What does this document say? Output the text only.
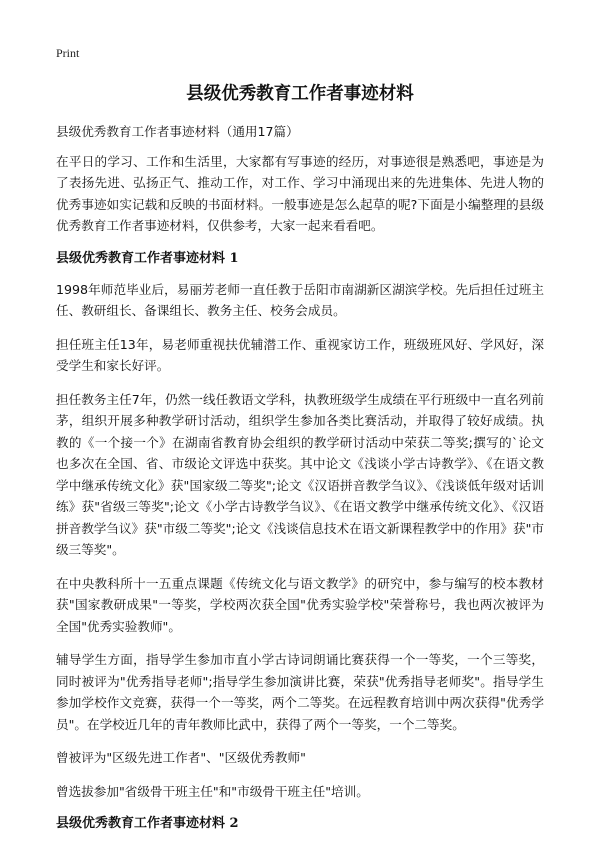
Print
县级优秀教育工作者事迹材料

县级优秀教育工作者事迹材料（通用17篇）

在平日的学习、工作和生活里，大家都有写事迹的经历，对事迹很是熟悉吧，事迹是为了表扬先进、弘扬正气、推动工作，对工作、学习中涌现出来的先进集体、先进人物的优秀事迹如实记载和反映的书面材料。一般事迹是怎么起草的呢?下面是小编整理的县级优秀教育工作者事迹材料，仅供参考，大家一起来看看吧。

县级优秀教育工作者事迹材料 1

1998年师范毕业后，易丽芳老师一直任教于岳阳市南湖新区湖滨学校。先后担任过班主任、教研组长、备课组长、教务主任、校务会成员。

担任班主任13年，易老师重视扶优辅潜工作、重视家访工作，班级班风好、学风好，深受学生和家长好评。

担任教务主任7年，仍然一线任教语文学科，执教班级学生成绩在平行班级中一直名列前茅，组织开展多种教学研讨活动，组织学生参加各类比赛活动，并取得了较好成绩。执教的《一个接一个》在湖南省教育协会组织的教学研讨活动中荣获二等奖;撰写的`论文也多次在全国、省、市级论文评选中获奖。其中论文《浅谈小学古诗教学》、《在语文教学中继承传统文化》获"国家级二等奖";论文《汉语拼音教学刍议》、《浅谈低年级对话训练》获"省级三等奖";论文《小学古诗教学刍议》、《在语文教学中继承传统文化》、《汉语拼音教学刍议》获"市级二等奖";论文《浅谈信息技术在语文新课程教学中的作用》获"市级三等奖"。

在中央教科所十一五重点课题《传统文化与语文教学》的研究中，参与编写的校本教材获"国家教研成果"一等奖，学校两次获全国"优秀实验学校"荣誉称号，我也两次被评为全国"优秀实验教师"。

辅导学生方面，指导学生参加市直小学古诗词朗诵比赛获得一个一等奖，一个三等奖，同时被评为"优秀指导老师";指导学生参加演讲比赛，荣获"优秀指导老师奖"。指导学生参加学校作文竞赛，获得一个一等奖，两个二等奖。在远程教育培训中两次获得"优秀学员"。在学校近几年的青年教师比武中，获得了两个一等奖，一个二等奖。

曾被评为"区级先进工作者"、"区级优秀教师"

曾选拔参加"省级骨干班主任"和"市级骨干班主任"培训。

县级优秀教育工作者事迹材料 2
